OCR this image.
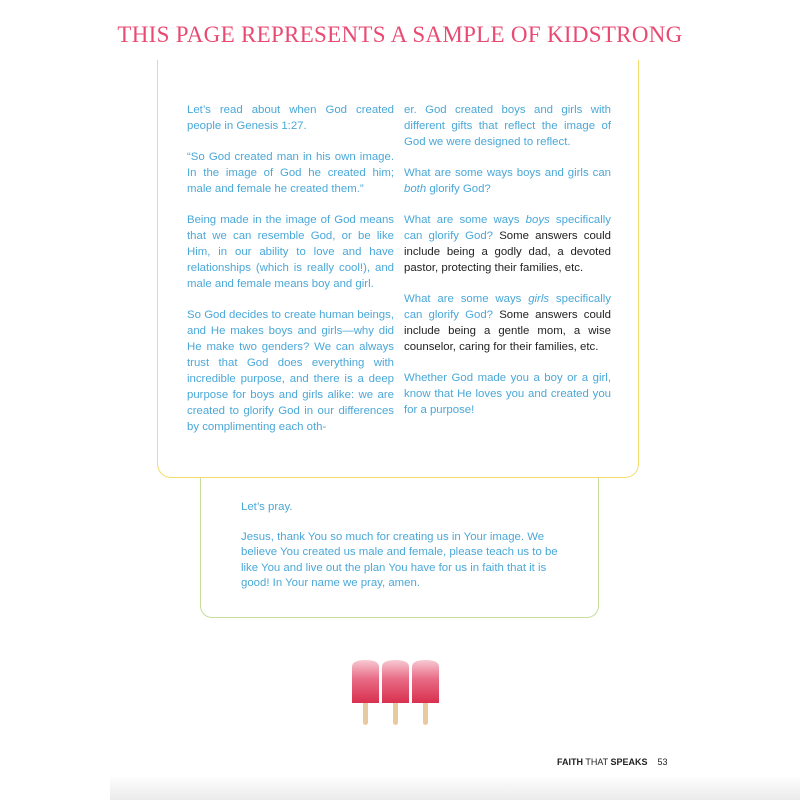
THIS PAGE REPRESENTS A SAMPLE OF KIDSTRONG

Let’s read about when God created people in Genesis 1:27.

“So God created man in his own image. In the image of God he created him; male and female he created them.”

Being made in the image of God means that we can resemble God, or be like Him, in our ability to love and have relationships (which is really cool!), and male and female means boy and girl.

So God decides to create human beings, and He makes boys and girls—why did He make two genders? We can always trust that God does everything with incredible purpose, and there is a deep purpose for boys and girls alike: we are created to glorify God in our differences by complimenting each oth-

er. God created boys and girls with different gifts that reflect the image of God we were designed to reflect.

What are some ways boys and girls can both glorify God?

What are some ways boys specifically can glorify God? Some answers could include being a godly dad, a devoted pastor, protecting their families, etc.

What are some ways girls specifically can glorify God? Some answers could include being a gentle mom, a wise counselor, caring for their families, etc.

Whether God made you a boy or a girl, know that He loves you and created you for a purpose!

Let’s pray.

Jesus, thank You so much for creating us in Your image. We believe You created us male and female, please teach us to be like You and live out the plan You have for us in faith that it is good! In Your name we pray, amen.

FAITH THAT SPEAKS 53
